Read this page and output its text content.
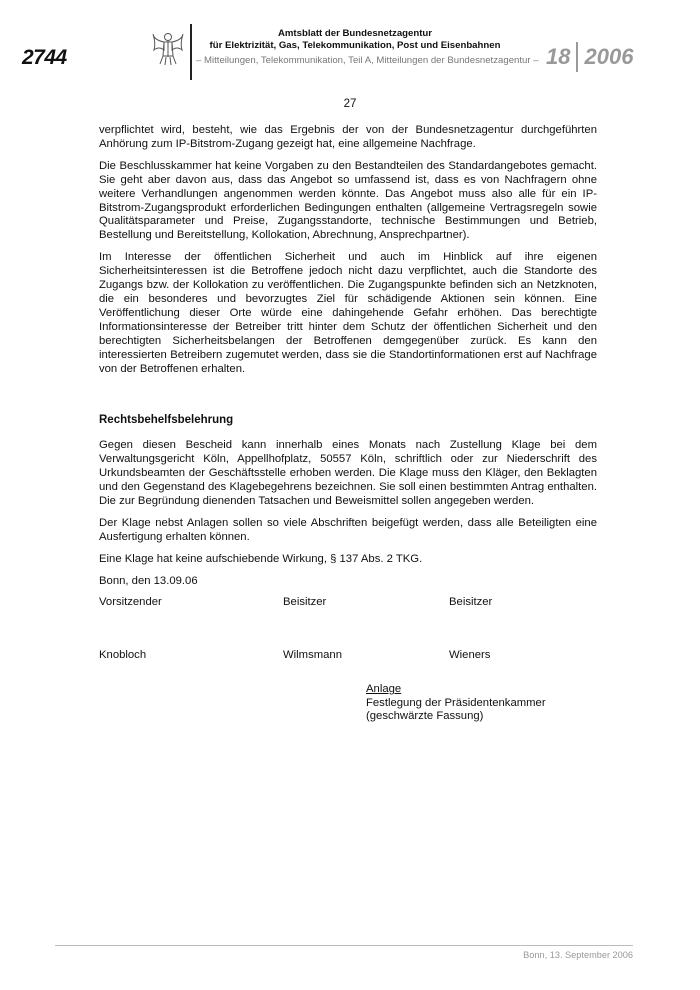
2744
Amtsblatt der Bundesnetzagentur
für Elektrizität, Gas, Telekommunikation, Post und Eisenbahnen
– Mitteilungen, Telekommunikation, Teil A, Mitteilungen der Bundesnetzagentur – 18 2006
27

verpflichtet wird, besteht, wie das Ergebnis der von der Bundesnetzagentur durchgeführten Anhörung zum IP-Bitstrom-Zugang gezeigt hat, eine allgemeine Nachfrage.

Die Beschlusskammer hat keine Vorgaben zu den Bestandteilen des Standardangebotes gemacht. Sie geht aber davon aus, dass das Angebot so umfassend ist, dass es von Nachfragern ohne weitere Verhandlungen angenommen werden könnte. Das Angebot muss also alle für ein IP-Bitstrom-Zugangsprodukt erforderlichen Bedingungen enthalten (allgemeine Vertragsregeln sowie Qualitätsparameter und Preise, Zugangsstandorte, technische Bestimmungen und Betrieb, Bestellung und Bereitstellung, Kollokation, Abrechnung, Ansprechpartner).

Im Interesse der öffentlichen Sicherheit und auch im Hinblick auf ihre eigenen Sicherheitsinteressen ist die Betroffene jedoch nicht dazu verpflichtet, auch die Standorte des Zugangs bzw. der Kollokation zu veröffentlichen. Die Zugangspunkte befinden sich an Netzknoten, die ein besonderes und bevorzugtes Ziel für schädigende Aktionen sein können. Eine Veröffentlichung dieser Orte würde eine dahingehende Gefahr erhöhen. Das berechtigte Informationsinteresse der Betreiber tritt hinter dem Schutz der öffentlichen Sicherheit und den berechtigten Sicherheitsbelangen der Betroffenen demgegenüber zurück. Es kann den interessierten Betreibern zugemutet werden, dass sie die Standortinformationen erst auf Nachfrage von der Betroffenen erhalten.

Rechtsbehelfsbelehrung

Gegen diesen Bescheid kann innerhalb eines Monats nach Zustellung Klage bei dem Verwaltungsgericht Köln, Appellhofplatz, 50557 Köln, schriftlich oder zur Niederschrift des Urkundsbeamten der Geschäftsstelle erhoben werden. Die Klage muss den Kläger, den Beklagten und den Gegenstand des Klagebegehrens bezeichnen. Sie soll einen bestimmten Antrag enthalten. Die zur Begründung dienenden Tatsachen und Beweismittel sollen angegeben werden.

Der Klage nebst Anlagen sollen so viele Abschriften beigefügt werden, dass alle Beteiligten eine Ausfertigung erhalten können.

Eine Klage hat keine aufschiebende Wirkung, § 137 Abs. 2 TKG.

Bonn, den 13.09.06

Vorsitzender	Beisitzer	Beisitzer
Knobloch	Wilmsmann	Wieners
Anlage
Festlegung der Präsidentenkammer
(geschwärzte Fassung)
Bonn, 13. September 2006
